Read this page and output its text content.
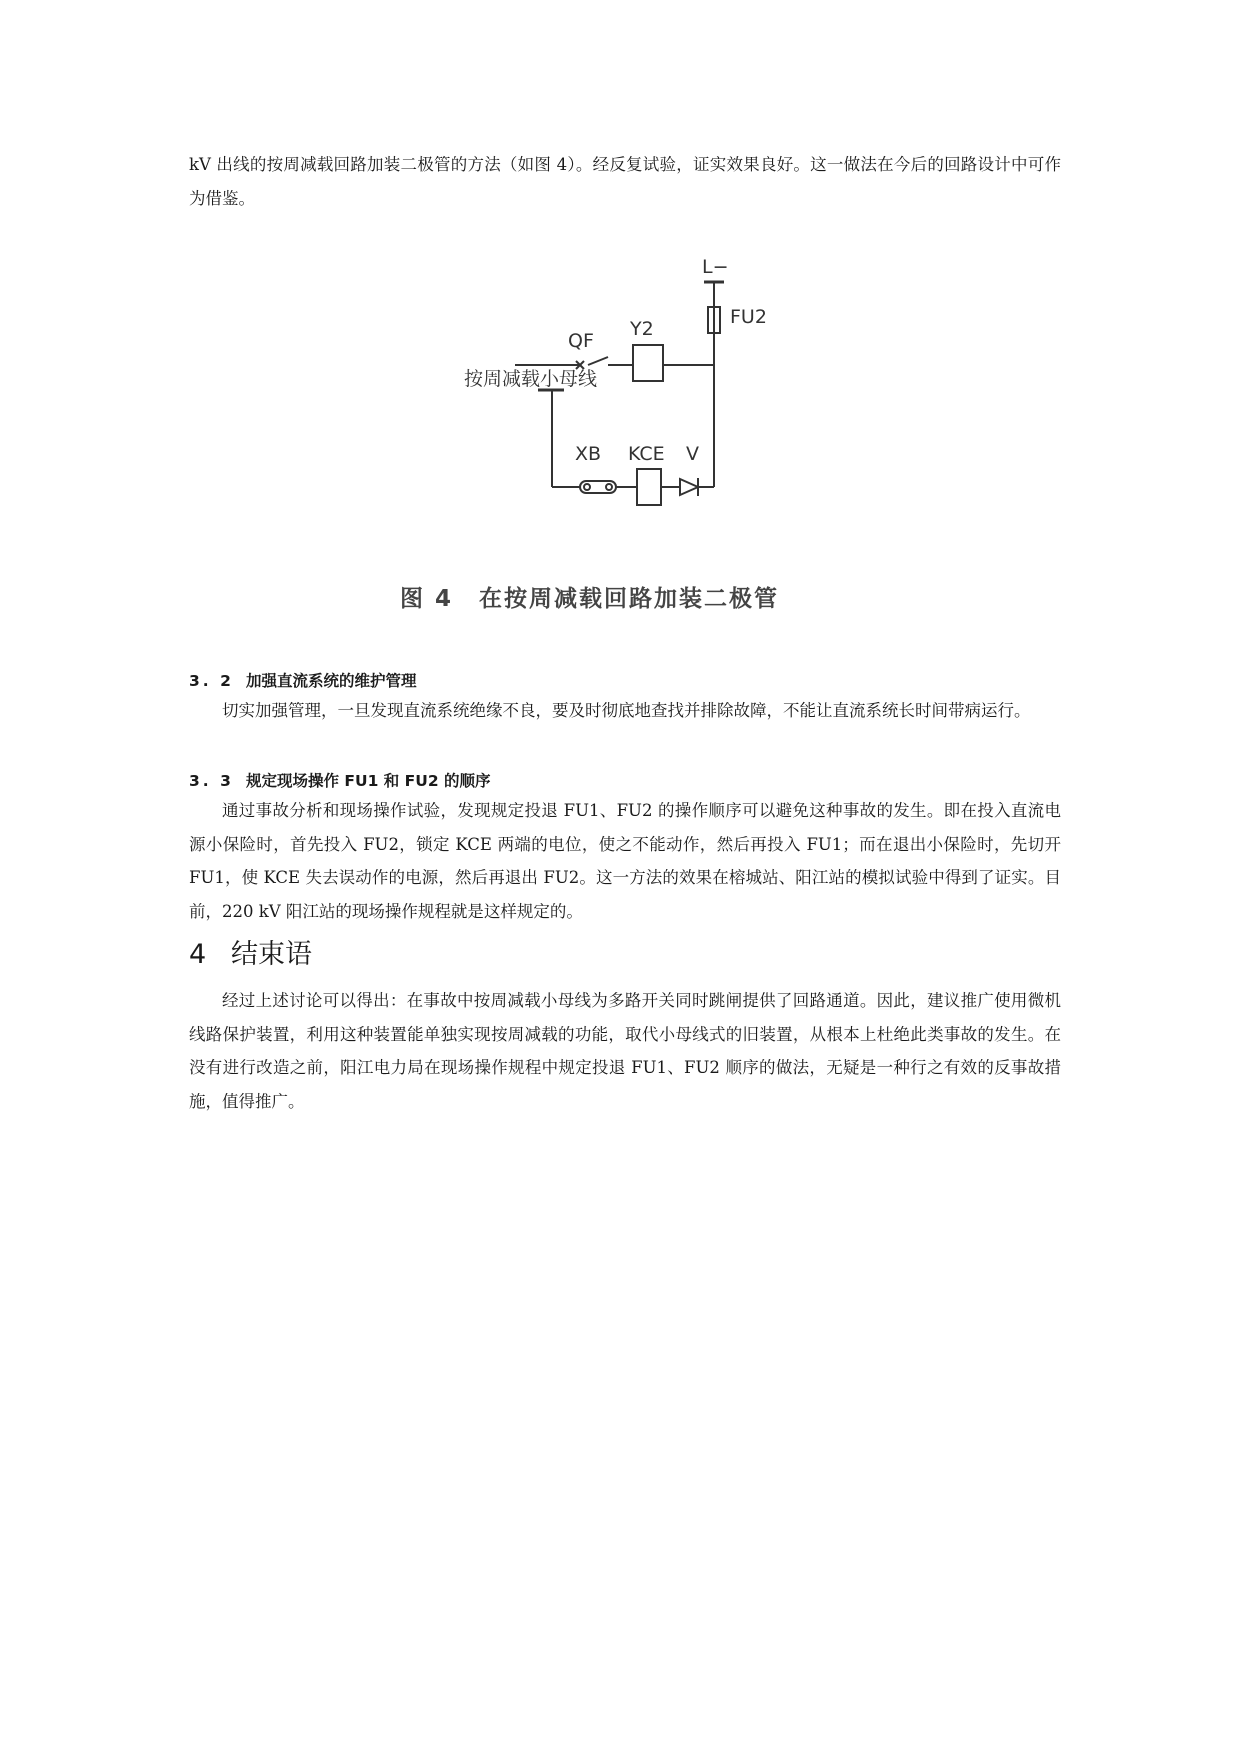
kV 出线的按周减载回路加装二极管的方法（如图 4）。经反复试验，证实效果良好。这一做法在今后的回路设计中可作为借鉴。

L−
FU2
QF
Y2
按周减载小母线
XB KCE V

图 4 在按周减载回路加装二极管

3. 2 加强直流系统的维护管理

切实加强管理，一旦发现直流系统绝缘不良，要及时彻底地查找并排除故障，不能让直流系统长时间带病运行。

3. 3 规定现场操作 FU1 和 FU2 的顺序

通过事故分析和现场操作试验，发现规定投退 FU1、FU2 的操作顺序可以避免这种事故的发生。即在投入直流电源小保险时，首先投入 FU2，锁定 KCE 两端的电位，使之不能动作，然后再投入 FU1；而在退出小保险时，先切开 FU1，使 KCE 失去误动作的电源，然后再退出 FU2。这一方法的效果在榕城站、阳江站的模拟试验中得到了证实。目前，220 kV 阳江站的现场操作规程就是这样规定的。

4 结束语

经过上述讨论可以得出：在事故中按周减载小母线为多路开关同时跳闸提供了回路通道。因此，建议推广使用微机线路保护装置，利用这种装置能单独实现按周减载的功能，取代小母线式的旧装置，从根本上杜绝此类事故的发生。在没有进行改造之前，阳江电力局在现场操作规程中规定投退 FU1、FU2 顺序的做法，无疑是一种行之有效的反事故措施，值得推广。
